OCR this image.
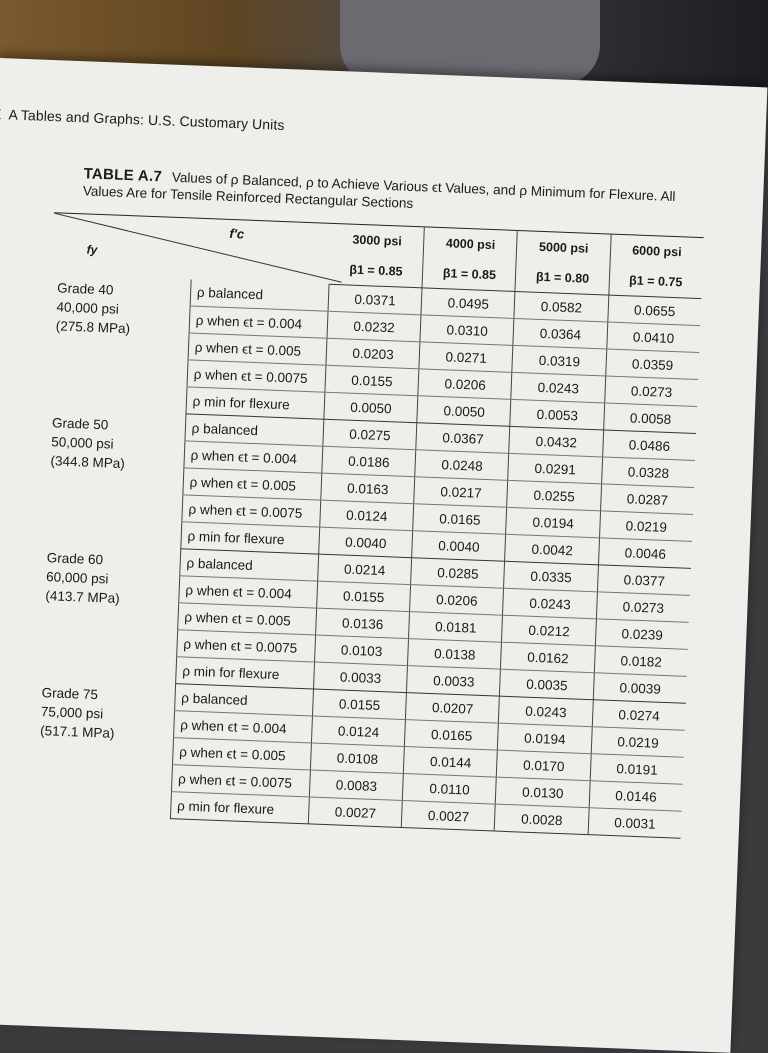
A Tables and Graphs: U.S. Customary Units
TABLE A.7 Values of ρ Balanced, ρ to Achieve Various ϵt Values, and ρ Minimum for Flexure. All Values Are for Tensile Reinforced Rectangular Sections
f′c
fy		3000 psi	4000 psi	5000 psi	6000 psi
		β1 = 0.85	β1 = 0.85	β1 = 0.80	β1 = 0.75

Grade 40
40,000 psi
(275.8 MPa)	ρ balanced	0.0371	0.0495	0.0582	0.0655
	ρ when ϵt = 0.004	0.0232	0.0310	0.0364	0.0410
	ρ when ϵt = 0.005	0.0203	0.0271	0.0319	0.0359
	ρ when ϵt = 0.0075	0.0155	0.0206	0.0243	0.0273
	ρ min for flexure	0.0050	0.0050	0.0053	0.0058

Grade 50
50,000 psi
(344.8 MPa)	ρ balanced	0.0275	0.0367	0.0432	0.0486
	ρ when ϵt = 0.004	0.0186	0.0248	0.0291	0.0328
	ρ when ϵt = 0.005	0.0163	0.0217	0.0255	0.0287
	ρ when ϵt = 0.0075	0.0124	0.0165	0.0194	0.0219
	ρ min for flexure	0.0040	0.0040	0.0042	0.0046

Grade 60
60,000 psi
(413.7 MPa)	ρ balanced	0.0214	0.0285	0.0335	0.0377
	ρ when ϵt = 0.004	0.0155	0.0206	0.0243	0.0273
	ρ when ϵt = 0.005	0.0136	0.0181	0.0212	0.0239
	ρ when ϵt = 0.0075	0.0103	0.0138	0.0162	0.0182
	ρ min for flexure	0.0033	0.0033	0.0035	0.0039

Grade 75
75,000 psi
(517.1 MPa)	ρ balanced	0.0155	0.0207	0.0243	0.0274
	ρ when ϵt = 0.004	0.0124	0.0165	0.0194	0.0219
	ρ when ϵt = 0.005	0.0108	0.0144	0.0170	0.0191
	ρ when ϵt = 0.0075	0.0083	0.0110	0.0130	0.0146
	ρ min for flexure	0.0027	0.0027	0.0028	0.0031
